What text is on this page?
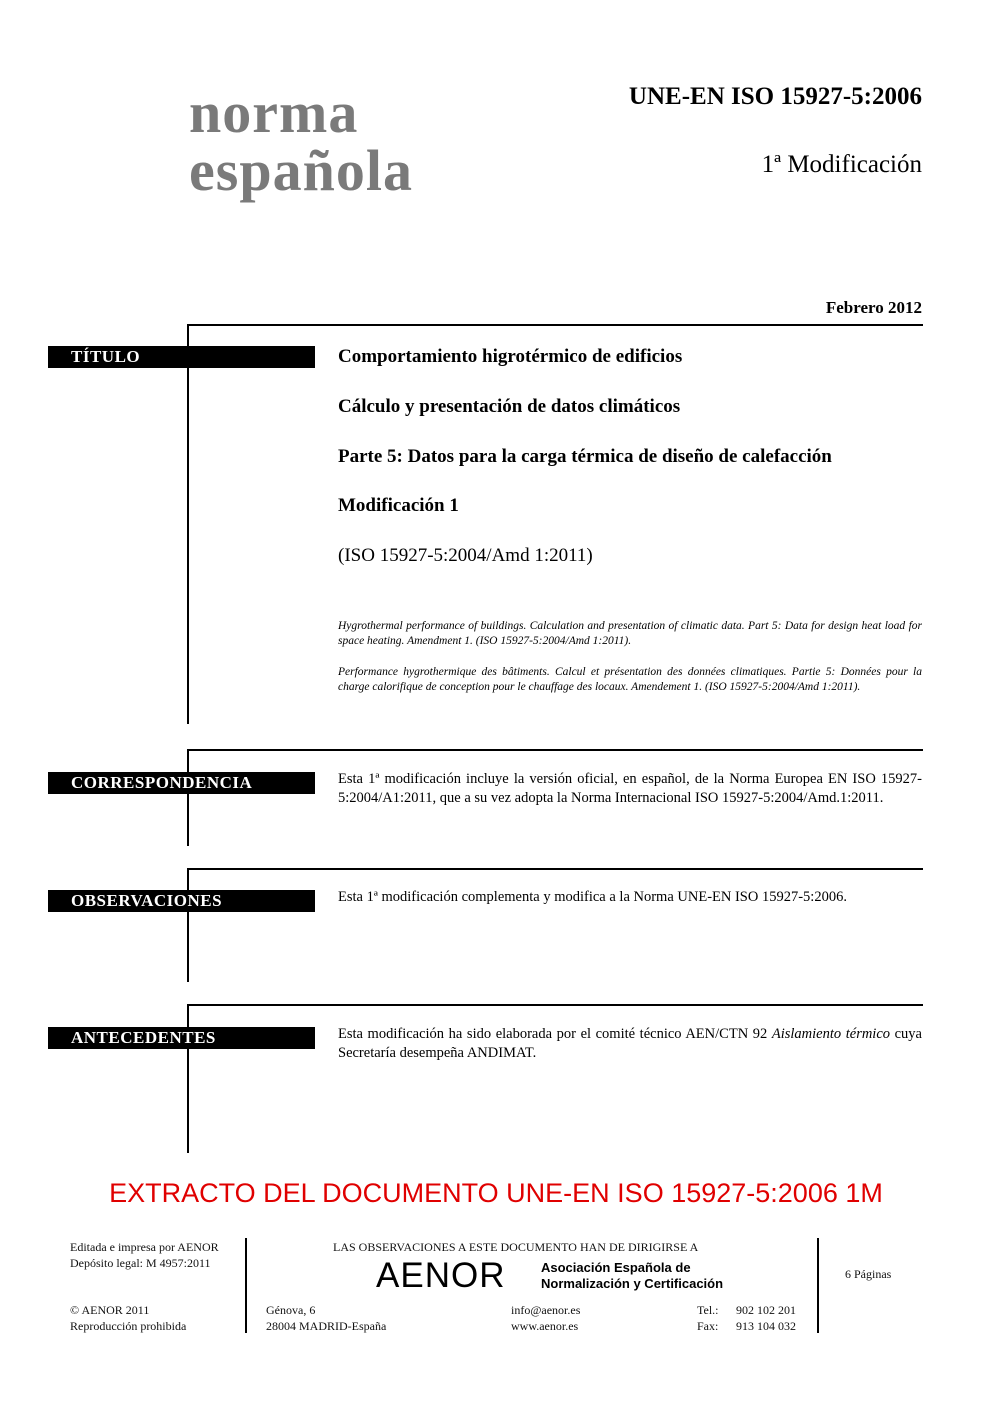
norma
española
UNE-EN ISO 15927-5:2006
1ª Modificación
Febrero 2012
TÍTULO	Comportamiento higrotérmico de edificios
Cálculo y presentación de datos climáticos
Parte 5: Datos para la carga térmica de diseño de calefacción
Modificación 1
(ISO 15927-5:2004/Amd 1:2011)
Hygrothermal performance of buildings. Calculation and presentation of climatic data. Part 5: Data for design heat load for space heating. Amendment 1. (ISO 15927-5:2004/Amd 1:2011).
Performance hygrothermique des bâtiments. Calcul et présentation des données climatiques. Partie 5: Données pour la charge calorifique de conception pour le chauffage des locaux. Amendement 1. (ISO 15927-5:2004/Amd 1:2011).
CORRESPONDENCIA	Esta 1ª modificación incluye la versión oficial, en español, de la Norma Europea EN ISO 15927-5:2004/A1:2011, que a su vez adopta la Norma Internacional ISO 15927-5:2004/Amd.1:2011.
OBSERVACIONES	Esta 1ª modificación complementa y modifica a la Norma UNE-EN ISO 15927-5:2006.
ANTECEDENTES	Esta modificación ha sido elaborada por el comité técnico AEN/CTN 92 Aislamiento térmico cuya Secretaría desempeña ANDIMAT.
EXTRACTO DEL DOCUMENTO UNE-EN ISO 15927-5:2006 1M
Editada e impresa por AENOR
Depósito legal: M 4957:2011
© AENOR 2011
Reproducción prohibida
LAS OBSERVACIONES A ESTE DOCUMENTO HAN DE DIRIGIRSE A
AENOR	Asociación Española de
Normalización y Certificación
Génova, 6
28004 MADRID-España
info@aenor.es
www.aenor.es
Tel.: 902 102 201
Fax: 913 104 032
6 Páginas
